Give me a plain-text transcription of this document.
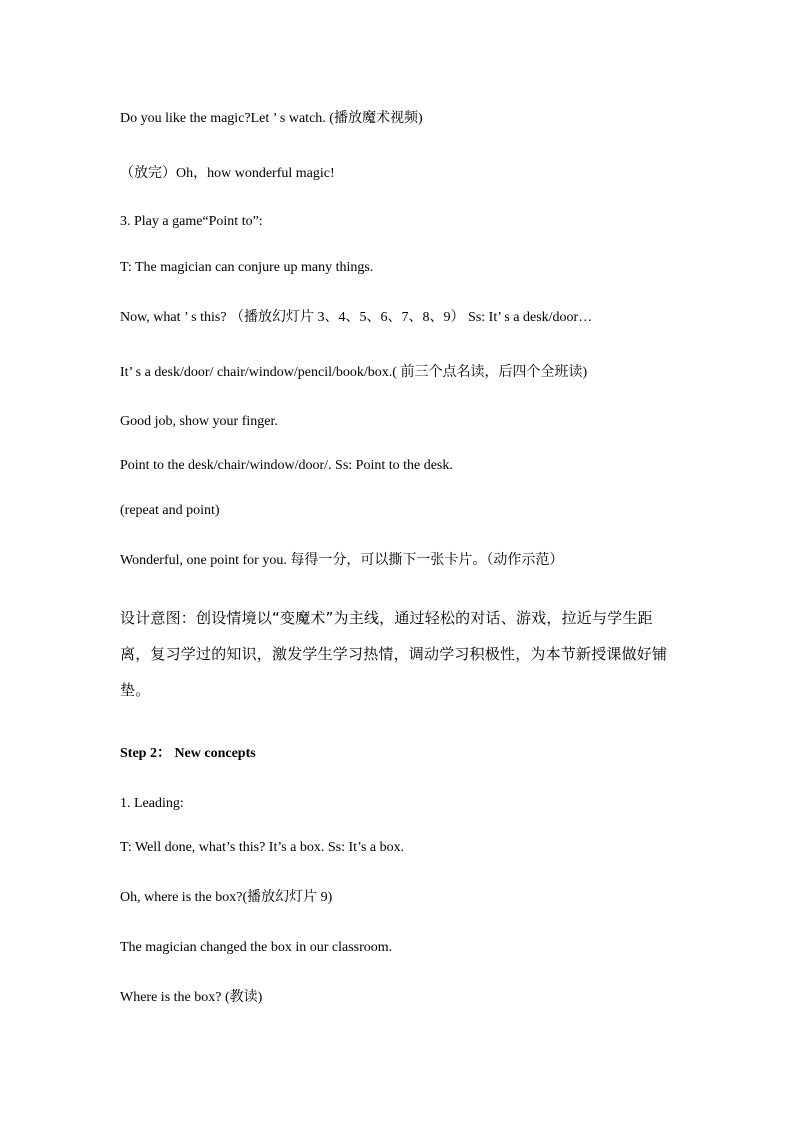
Do you like the magic?Let ’ s watch. (播放魔术视频)
（放完）Oh，how wonderful magic!
3. Play a game“Point to”:
T: The magician can conjure up many things.
Now, what ’ s this? （播放幻灯片 3、4、5、6、7、8、9） Ss: It’ s a desk/door…
It’ s a desk/door/ chair/window/pencil/book/box.( 前三个点名读，后四个全班读)
Good job, show your finger.
Point to the desk/chair/window/door/. Ss: Point to the desk.
(repeat and point)
Wonderful, one point for you. 每得一分，可以撕下一张卡片。（动作示范）
设计意图：创设情境以“变魔术”为主线，通过轻松的对话、游戏，拉近与学生距离，复习学过的知识，激发学生学习热情，调动学习积极性，为本节新授课做好铺垫。
Step 2： New concepts
1. Leading:
T: Well done, what’s this? It’s a box. Ss: It’s a box.
Oh, where is the box?(播放幻灯片 9)
The magician changed the box in our classroom.
Where is the box? (教读)
